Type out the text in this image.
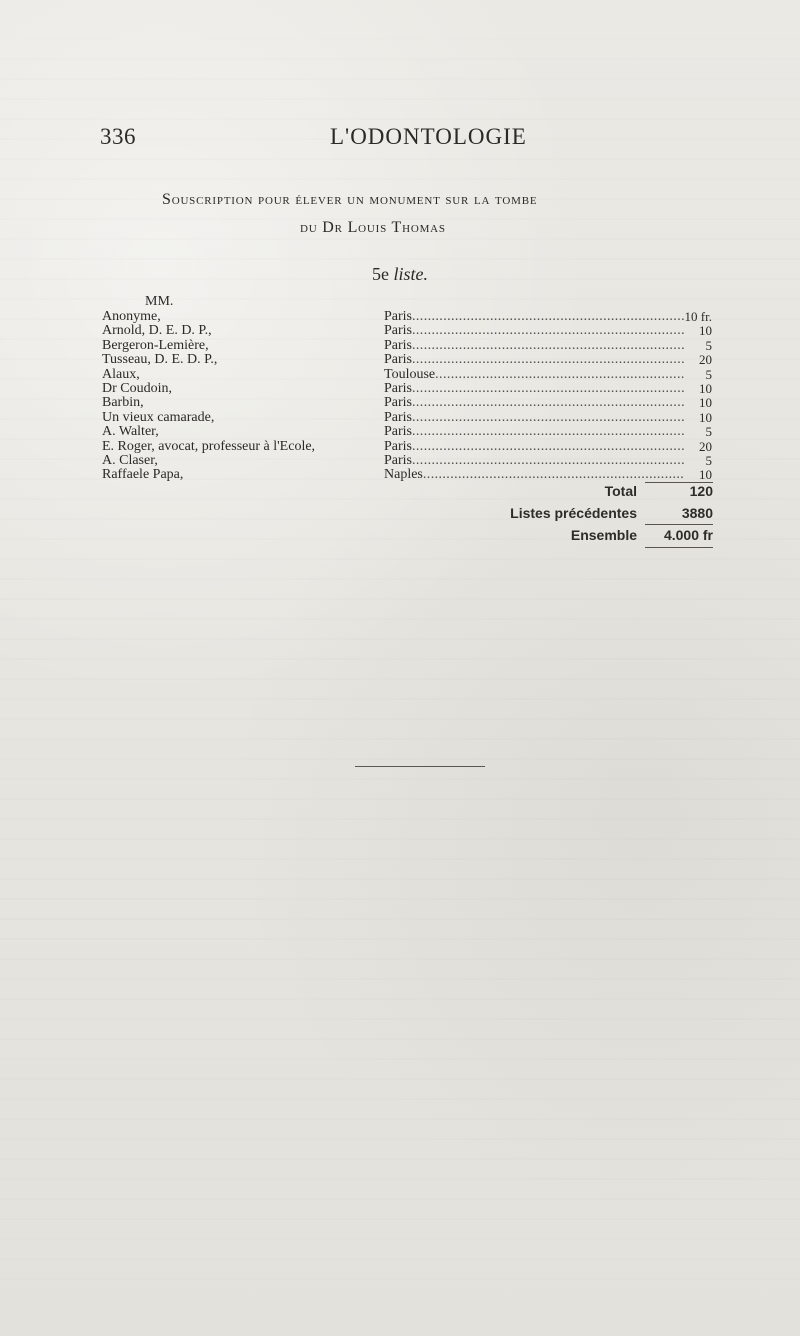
336	L'ODONTOLOGIE
Souscription pour élever un monument sur la tombe
du Dr Louis Thomas
5e liste.
MM.
Anonyme,	Paris .....	10 fr.
Arnold, D. E. D. P.,	Paris .....	10
Bergeron-Lemière,	Paris .....	5
Tusseau, D. E. D. P.,	Paris .....	20
Alaux,	Toulouse .....	5
Dr Coudoin,	Paris .....	10
Barbin,	Paris .....	10
Un vieux camarade,	Paris .....	10
A. Walter,	Paris .....	5
E. Roger, avocat, professeur à l'Ecole,	Paris .....	20
A. Claser,	Paris .....	5
Raffaele Papa,	Naples .....	10
Total	120
Listes précédentes	3880
Ensemble	4.000 fr
